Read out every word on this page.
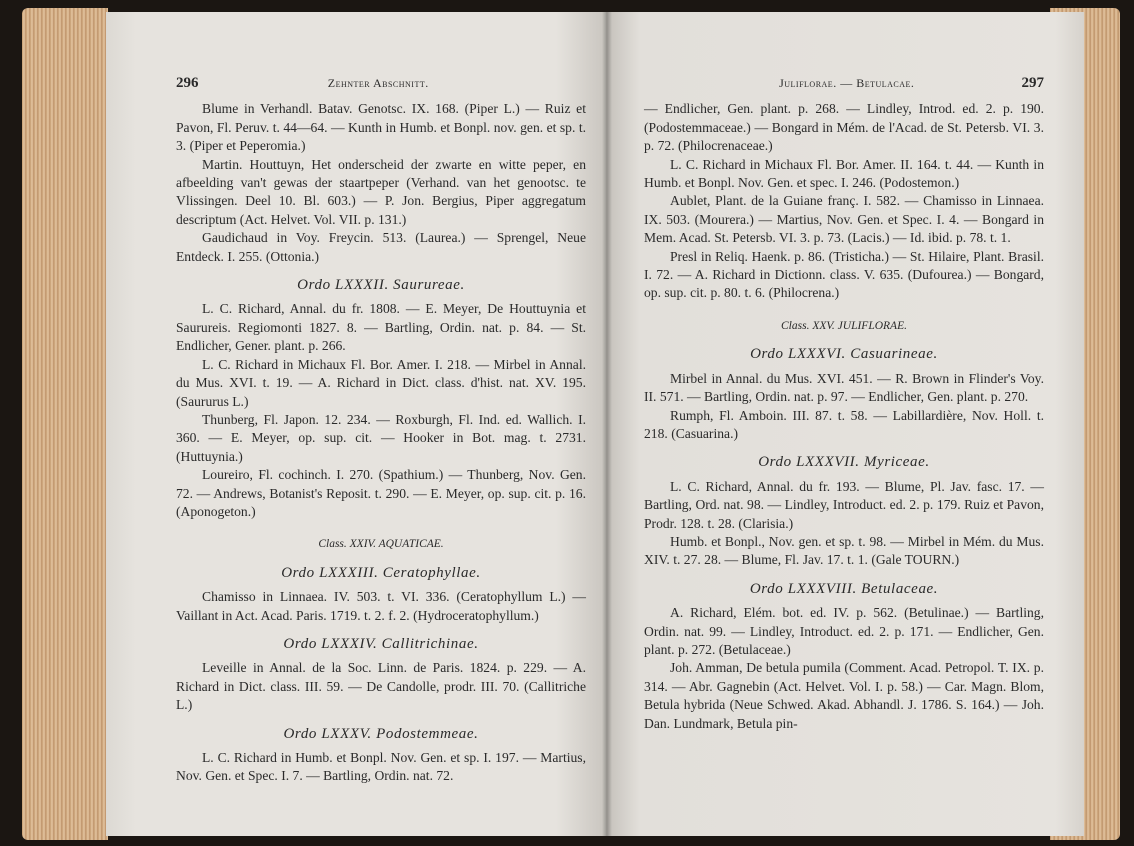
296	Zehnter Abschnitt.

Blume in Verhandl. Batav. Genotsc. IX. 168. (Piper L.) — Ruiz et Pavon, Fl. Peruv. t. 44—64. — Kunth in Humb. et Bonpl. nov. gen. et sp. t. 3. (Piper et Peperomia.)

Martin. Houttuyn, Het onderscheid der zwarte en witte peper, en afbeelding van't gewas der staartpeper (Verhand. van het genootsc. te Vlissingen. Deel 10. Bl. 603.) — P. Jon. Bergius, Piper aggregatum descriptum (Act. Helvet. Vol. VII. p. 131.)

Gaudichaud in Voy. Freycin. 513. (Laurea.) — Sprengel, Neue Entdeck. I. 255. (Ottonia.)

Ordo LXXXII. Saurureae.

L. C. Richard, Annal. du fr. 1808. — E. Meyer, De Houttuynia et Saurureis. Regiomonti 1827. 8. — Bartling, Ordin. nat. p. 84. — St. Endlicher, Gener. plant. p. 266.

L. C. Richard in Michaux Fl. Bor. Amer. I. 218. — Mirbel in Annal. du Mus. XVI. t. 19. — A. Richard in Dict. class. d'hist. nat. XV. 195. (Saururus L.)

Thunberg, Fl. Japon. 12. 234. — Roxburgh, Fl. Ind. ed. Wallich. I. 360. — E. Meyer, op. sup. cit. — Hooker in Bot. mag. t. 2731. (Huttuynia.)

Loureiro, Fl. cochinch. I. 270. (Spathium.) — Thunberg, Nov. Gen. 72. — Andrews, Botanist's Reposit. t. 290. — E. Meyer, op. sup. cit. p. 16. (Aponogeton.)

Class. XXIV. AQUATICAE.
Ordo LXXXIII. Ceratophyllae.

Chamisso in Linnaea. IV. 503. t. VI. 336. (Ceratophyllum L.) — Vaillant in Act. Acad. Paris. 1719. t. 2. f. 2. (Hydroceratophyllum.)

Ordo LXXXIV. Callitrichinae.

Leveille in Annal. de la Soc. Linn. de Paris. 1824. p. 229. — A. Richard in Dict. class. III. 59. — De Candolle, prodr. III. 70. (Callitriche L.)

Ordo LXXXV. Podostemmeae.

L. C. Richard in Humb. et Bonpl. Nov. Gen. et sp. I. 197. — Martius, Nov. Gen. et Spec. I. 7. — Bartling, Ordin. nat. 72.

Juliflorae. — Betulacae.	297

— Endlicher, Gen. plant. p. 268. — Lindley, Introd. ed. 2. p. 190. (Podostemmaceae.) — Bongard in Mém. de l'Acad. de St. Petersb. VI. 3. p. 72. (Philocrenaceae.)

L. C. Richard in Michaux Fl. Bor. Amer. II. 164. t. 44. — Kunth in Humb. et Bonpl. Nov. Gen. et spec. I. 246. (Podostemon.)

Aublet, Plant. de la Guiane franç. I. 582. — Chamisso in Linnaea. IX. 503. (Mourera.) — Martius, Nov. Gen. et Spec. I. 4. — Bongard in Mem. Acad. St. Petersb. VI. 3. p. 73. (Lacis.) — Id. ibid. p. 78. t. 1.

Presl in Reliq. Haenk. p. 86. (Tristicha.) — St. Hilaire, Plant. Brasil. I. 72. — A. Richard in Dictionn. class. V. 635. (Dufourea.) — Bongard, op. sup. cit. p. 80. t. 6. (Philocrena.)

Class. XXV. JULIFLORAE.
Ordo LXXXVI. Casuarineae.

Mirbel in Annal. du Mus. XVI. 451. — R. Brown in Flinder's Voy. II. 571. — Bartling, Ordin. nat. p. 97. — Endlicher, Gen. plant. p. 270.

Rumph, Fl. Amboin. III. 87. t. 58. — Labillardière, Nov. Holl. t. 218. (Casuarina.)

Ordo LXXXVII. Myriceae.

L. C. Richard, Annal. du fr. 193. — Blume, Pl. Jav. fasc. 17. — Bartling, Ord. nat. 98. — Lindley, Introduct. ed. 2. p. 179. Ruiz et Pavon, Prodr. 128. t. 28. (Clarisia.)

Humb. et Bonpl., Nov. gen. et sp. t. 98. — Mirbel in Mém. du Mus. XIV. t. 27. 28. — Blume, Fl. Jav. 17. t. 1. (Gale TOURN.)

Ordo LXXXVIII. Betulaceae.

A. Richard, Elém. bot. ed. IV. p. 562. (Betulinae.) — Bartling, Ordin. nat. 99. — Lindley, Introduct. ed. 2. p. 171. — Endlicher, Gen. plant. p. 272. (Betulaceae.)

Joh. Amman, De betula pumila (Comment. Acad. Petropol. T. IX. p. 314. — Abr. Gagnebin (Act. Helvet. Vol. I. p. 58.) — Car. Magn. Blom, Betula hybrida (Neue Schwed. Akad. Abhandl. J. 1786. S. 164.) — Joh. Dan. Lundmark, Betula pin-
